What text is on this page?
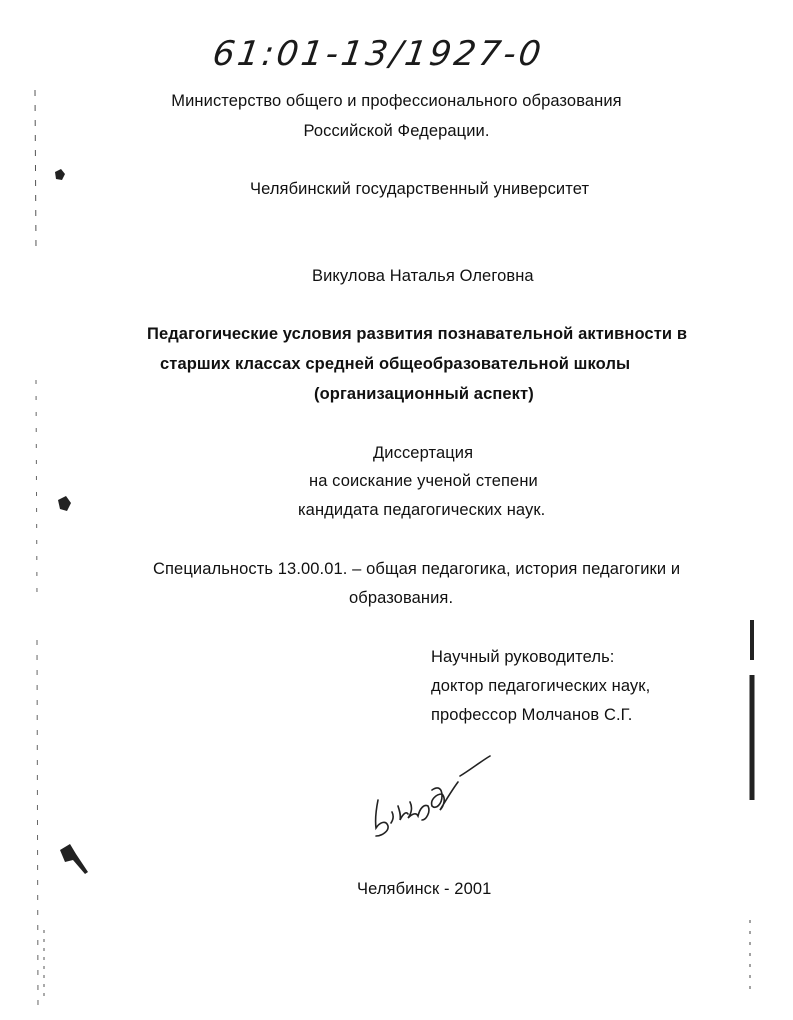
61:01-13/1927-0
Министерство общего и профессионального образования
Российской Федерации.
Челябинский государственный университет
Викулова Наталья Олеговна
Педагогические условия развития познавательной активности в
старших классах средней общеобразовательной школы
(организационный аспект)
Диссертация
на соискание ученой степени
кандидата педагогических наук.
Специальность 13.00.01. – общая педагогика, история педагогики и
образования.
Научный руководитель:
доктор педагогических наук,
профессор Молчанов С.Г.
Челябинск - 2001
